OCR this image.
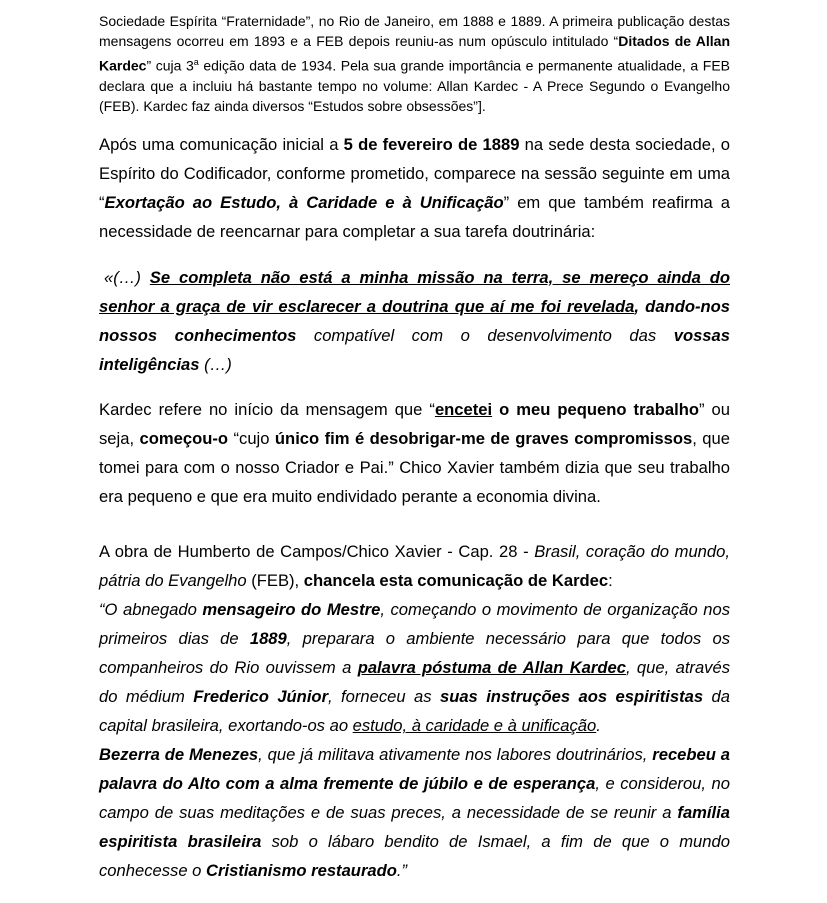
Sociedade Espírita “Fraternidade”, no Rio de Janeiro, em 1888 e 1889. A primeira publicação destas mensagens ocorreu em 1893 e a FEB depois reuniu-as num opúsculo intitulado “Ditados de Allan Kardec” cuja 3$^a$ edição data de 1934. Pela sua grande importância e permanente atualidade, a FEB declara que a incluiu há bastante tempo no volume: Allan Kardec - A Prece Segundo o Evangelho (FEB). Kardec faz ainda diversos “Estudos sobre obsessões”].

Após uma comunicação inicial a 5 de fevereiro de 1889 na sede desta sociedade, o Espírito do Codificador, conforme prometido, comparece na sessão seguinte em uma “Exortação ao Estudo, à Caridade e à Unificação” em que também reafirma a necessidade de reencarnar para completar a sua tarefa doutrinária:

«(…) Se completa não está a minha missão na terra, se mereço ainda do senhor a graça de vir esclarecer a doutrina que aí me foi revelada, dando-nos nossos conhecimentos compatível com o desenvolvimento das vossas inteligências (…)

Kardec refere no início da mensagem que “encetei o meu pequeno trabalho” ou seja, começou-o “cujo único fim é desobrigar-me de graves compromissos, que tomei para com o nosso Criador e Pai.” Chico Xavier também dizia que seu trabalho era pequeno e que era muito endividado perante a economia divina.

A obra de Humberto de Campos/Chico Xavier - Cap. 28 - Brasil, coração do mundo, pátria do Evangelho (FEB), chancela esta comunicação de Kardec:

“O abnegado mensageiro do Mestre, começando o movimento de organização nos primeiros dias de 1889, preparara o ambiente necessário para que todos os companheiros do Rio ouvissem a palavra póstuma de Allan Kardec, que, através do médium Frederico Júnior, forneceu as suas instruções aos espiritistas da capital brasileira, exortando-os ao estudo, à caridade e à unificação.

Bezerra de Menezes, que já militava ativamente nos labores doutrinários, recebeu a palavra do Alto com a alma fremente de júbilo e de esperança, e considerou, no campo de suas meditações e de suas preces, a necessidade de se reunir a família espiritista brasileira sob o lábaro bendito de Ismael, a fim de que o mundo conhecesse o Cristianismo restaurado.”
